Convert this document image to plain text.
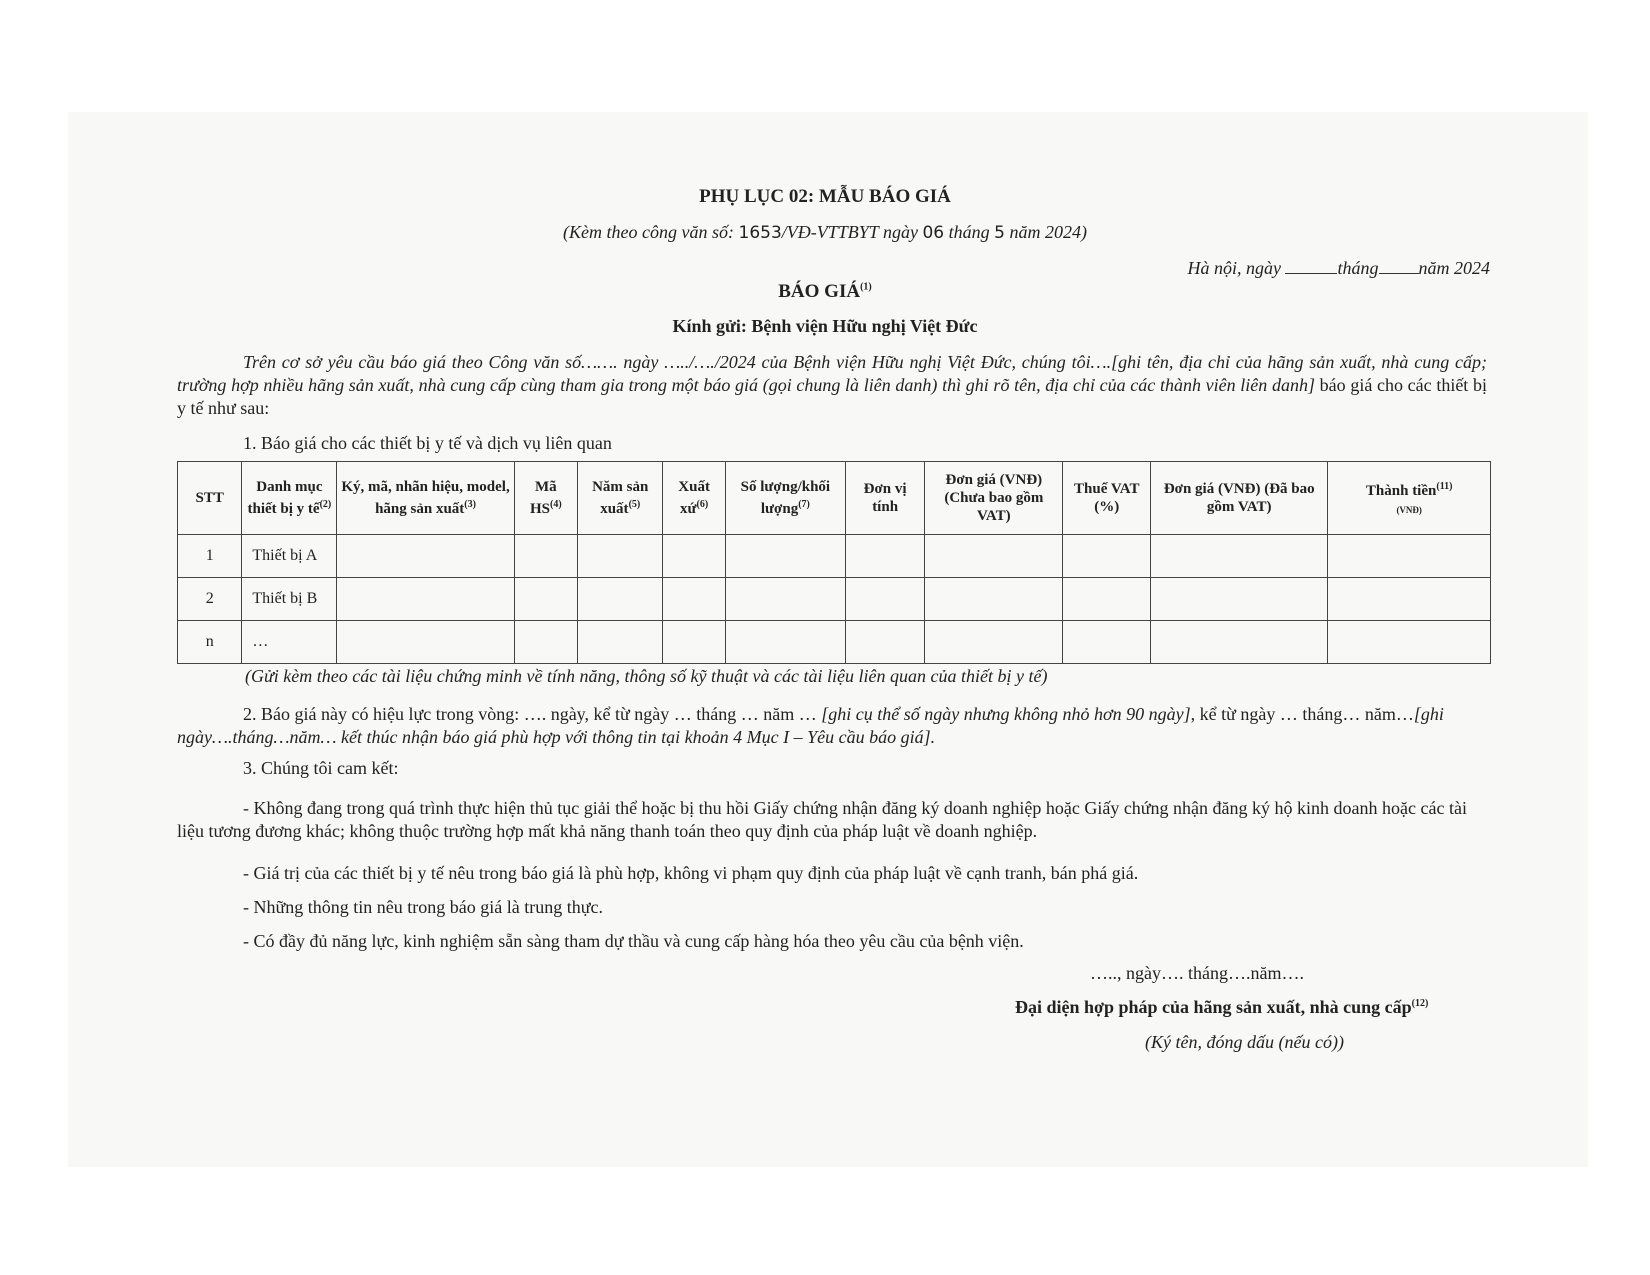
PHỤ LỤC 02: MẪU BÁO GIÁ
(Kèm theo công văn số: 1653/VĐ-VTTBYT ngày 06 tháng 5 năm 2024)
Hà nội, ngày	tháng năm 2024
BÁO GIÁ$^{(1)}$
Kính gửi: Bệnh viện Hữu nghị Việt Đức
Trên cơ sở yêu cầu báo giá theo Công văn số……. ngày …../…./2024 của Bệnh viện Hữu nghị Việt Đức, chúng tôi….[ghi tên, địa chỉ của hãng sản xuất, nhà cung cấp; trường hợp nhiều hãng sản xuất, nhà cung cấp cùng tham gia trong một báo giá (gọi chung là liên danh) thì ghi rõ tên, địa chỉ của các thành viên liên danh] báo giá cho các thiết bị y tế như sau:
1. Báo giá cho các thiết bị y tế và dịch vụ liên quan
STT	Danh mục thiết bị y tế$^{(2)}$	Ký, mã, nhãn hiệu, model, hãng sản xuất$^{(3)}$	Mã HS$^{(4)}$	Năm sản xuất$^{(5)}$	Xuất xứ$^{(6)}$	Số lượng/khối lượng$^{(7)}$	Đơn vị tính	Đơn giá (VNĐ) (Chưa bao gồm VAT)	Thuế VAT (%)	Đơn giá (VNĐ) (Đã bao gồm VAT)	Thành tiền$^{(11)}$
(VNĐ)
1	Thiết bị A										
2	Thiết bị B										
n	…										
(Gửi kèm theo các tài liệu chứng minh về tính năng, thông số kỹ thuật và các tài liệu liên quan của thiết bị y tế)
2. Báo giá này có hiệu lực trong vòng: …. ngày, kể từ ngày … tháng … năm … [ghi cụ thể số ngày nhưng không nhỏ hơn 90 ngày], kể từ ngày … tháng… năm…[ghi ngày….tháng…năm… kết thúc nhận báo giá phù hợp với thông tin tại khoản 4 Mục I – Yêu cầu báo giá].
3. Chúng tôi cam kết:
- Không đang trong quá trình thực hiện thủ tục giải thể hoặc bị thu hồi Giấy chứng nhận đăng ký doanh nghiệp hoặc Giấy chứng nhận đăng ký hộ kinh doanh hoặc các tài liệu tương đương khác; không thuộc trường hợp mất khả năng thanh toán theo quy định của pháp luật về doanh nghiệp.
- Giá trị của các thiết bị y tế nêu trong báo giá là phù hợp, không vi phạm quy định của pháp luật về cạnh tranh, bán phá giá.
- Những thông tin nêu trong báo giá là trung thực.
- Có đầy đủ năng lực, kinh nghiệm sẵn sàng tham dự thầu và cung cấp hàng hóa theo yêu cầu của bệnh viện.
….., ngày…. tháng….năm….
Đại diện hợp pháp của hãng sản xuất, nhà cung cấp$^{(12)}$
(Ký tên, đóng dấu (nếu có))
